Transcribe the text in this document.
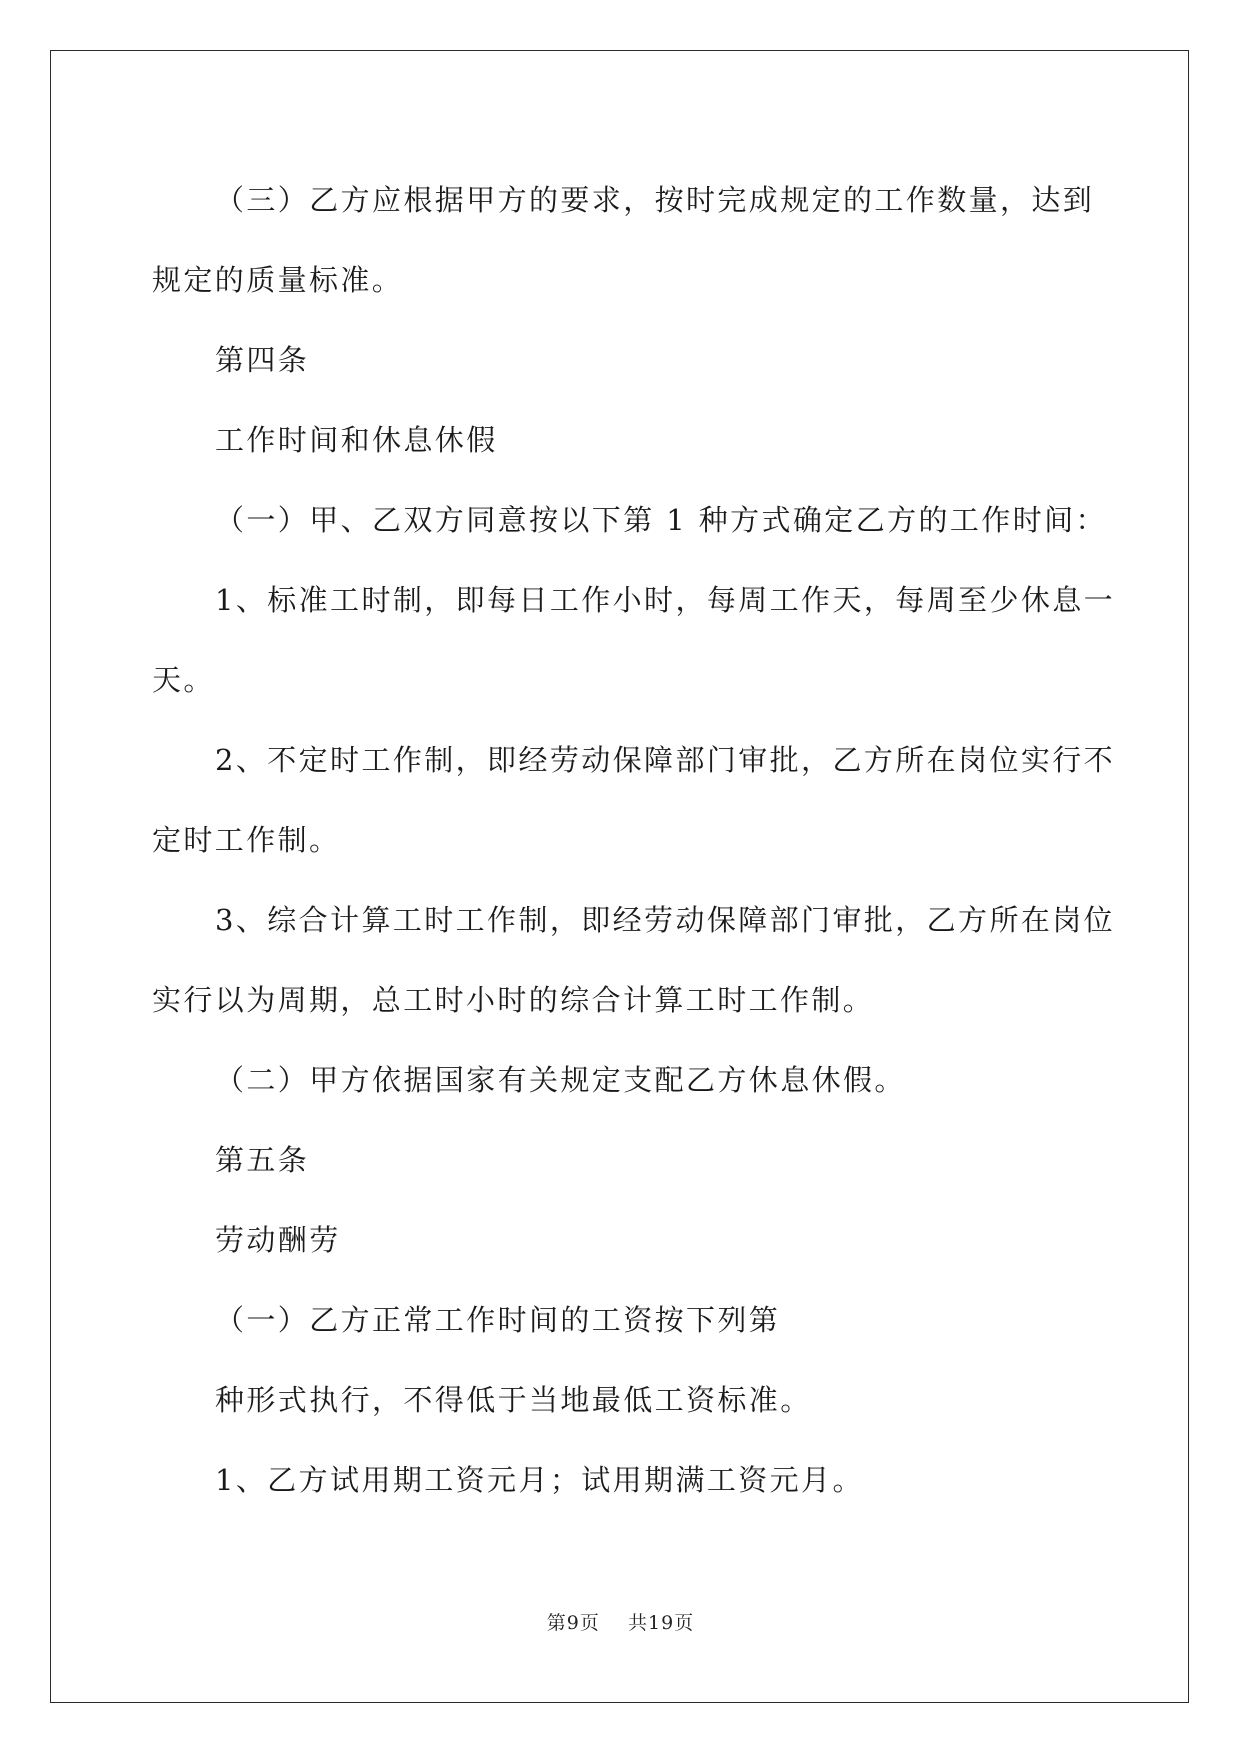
（三）乙方应根据甲方的要求，按时完成规定的工作数量，达到

规定的质量标准。

第四条

工作时间和休息休假

（一）甲、乙双方同意按以下第 1 种方式确定乙方的工作时间：

1、标准工时制，即每日工作小时，每周工作天，每周至少休息一

天。

2、不定时工作制，即经劳动保障部门审批，乙方所在岗位实行不

定时工作制。

3、综合计算工时工作制，即经劳动保障部门审批，乙方所在岗位

实行以为周期，总工时小时的综合计算工时工作制。

（二）甲方依据国家有关规定支配乙方休息休假。

第五条

劳动酬劳

（一）乙方正常工作时间的工资按下列第

种形式执行，不得低于当地最低工资标准。

1、乙方试用期工资元月；试用期满工资元月。

第9页 共19页
